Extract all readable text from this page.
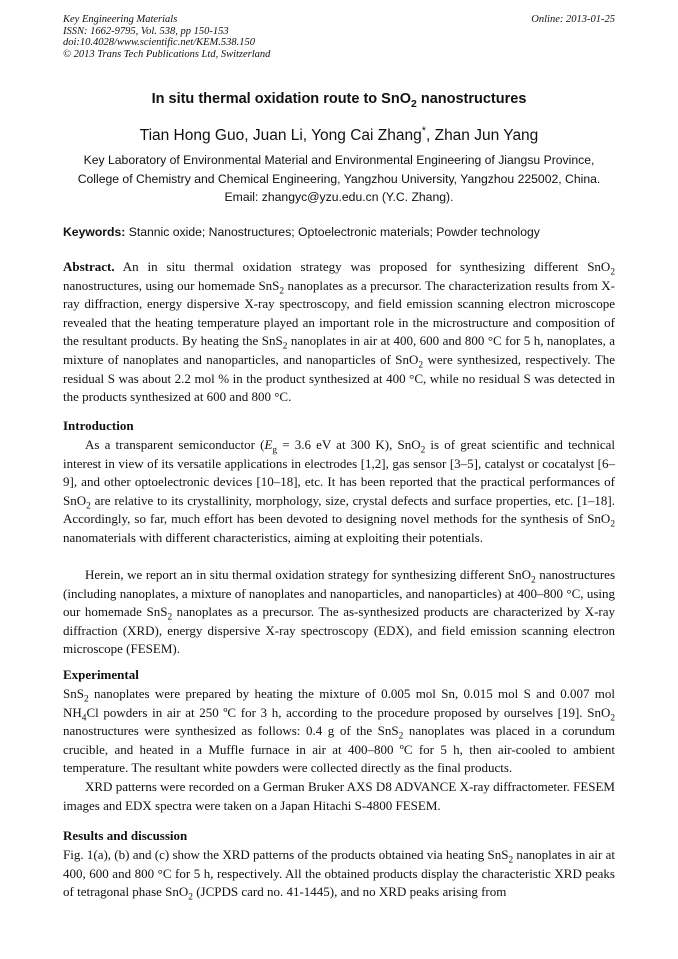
Key Engineering Materials
ISSN: 1662-9795, Vol. 538, pp 150-153
doi:10.4028/www.scientific.net/KEM.538.150
© 2013 Trans Tech Publications Ltd, Switzerland
Online: 2013-01-25
In situ thermal oxidation route to SnO$_2$ nanostructures
Tian Hong Guo, Juan Li, Yong Cai Zhang*, Zhan Jun Yang
Key Laboratory of Environmental Material and Environmental Engineering of Jiangsu Province,
College of Chemistry and Chemical Engineering, Yangzhou University, Yangzhou 225002, China.
Email: zhangyc@yzu.edu.cn (Y.C. Zhang).
Keywords: Stannic oxide; Nanostructures; Optoelectronic materials; Powder technology

Abstract. An in situ thermal oxidation strategy was proposed for synthesizing different SnO$_2$ nanostructures, using our homemade SnS$_2$ nanoplates as a precursor. The characterization results from X-ray diffraction, energy dispersive X-ray spectroscopy, and field emission scanning electron microscope revealed that the heating temperature played an important role in the microstructure and composition of the resultant products. By heating the SnS$_2$ nanoplates in air at 400, 600 and 800 °C for 5 h, nanoplates, a mixture of nanoplates and nanoparticles, and nanoparticles of SnO$_2$ were synthesized, respectively. The residual S was about 2.2 mol % in the product synthesized at 400 °C, while no residual S was detected in the products synthesized at 600 and 800 °C.

Introduction

As a transparent semiconductor ($E_g = 3.6$ eV at 300 K), SnO$_2$ is of great scientific and technical interest in view of its versatile applications in electrodes [1,2], gas sensor [3–5], catalyst or cocatalyst [6–9], and other optoelectronic devices [10–18], etc. It has been reported that the practical performances of SnO$_2$ are relative to its crystallinity, morphology, size, crystal defects and surface properties, etc. [1–18]. Accordingly, so far, much effort has been devoted to designing novel methods for the synthesis of SnO$_2$ nanomaterials with different characteristics, aiming at exploiting their potentials.

Herein, we report an in situ thermal oxidation strategy for synthesizing different SnO$_2$ nanostructures (including nanoplates, a mixture of nanoplates and nanoparticles, and nanoparticles) at 400–800 °C, using our homemade SnS$_2$ nanoplates as a precursor. The as-synthesized products are characterized by X-ray diffraction (XRD), energy dispersive X-ray spectroscopy (EDX), and field emission scanning electron microscope (FESEM).

Experimental

SnS$_2$ nanoplates were prepared by heating the mixture of 0.005 mol Sn, 0.015 mol S and 0.007 mol $NH_4Cl$ powders in air at 250 ºC for 3 h, according to the procedure proposed by ourselves [19]. SnO$_2$ nanostructures were synthesized as follows: 0.4 g of the SnS$_2$ nanoplates was placed in a corundum crucible, and heated in a Muffle furnace in air at 400–800 ºC for 5 h, then air-cooled to ambient temperature. The resultant white powders were collected directly as the final products.

XRD patterns were recorded on a German Bruker AXS D8 ADVANCE X-ray diffractometer. FESEM images and EDX spectra were taken on a Japan Hitachi S-4800 FESEM.

Results and discussion

Fig. 1(a), (b) and (c) show the XRD patterns of the products obtained via heating SnS$_2$ nanoplates in air at 400, 600 and 800 °C for 5 h, respectively. All the obtained products display the characteristic XRD peaks of tetragonal phase SnO$_2$ (JCPDS card no. 41-1445), and no XRD peaks arising from
